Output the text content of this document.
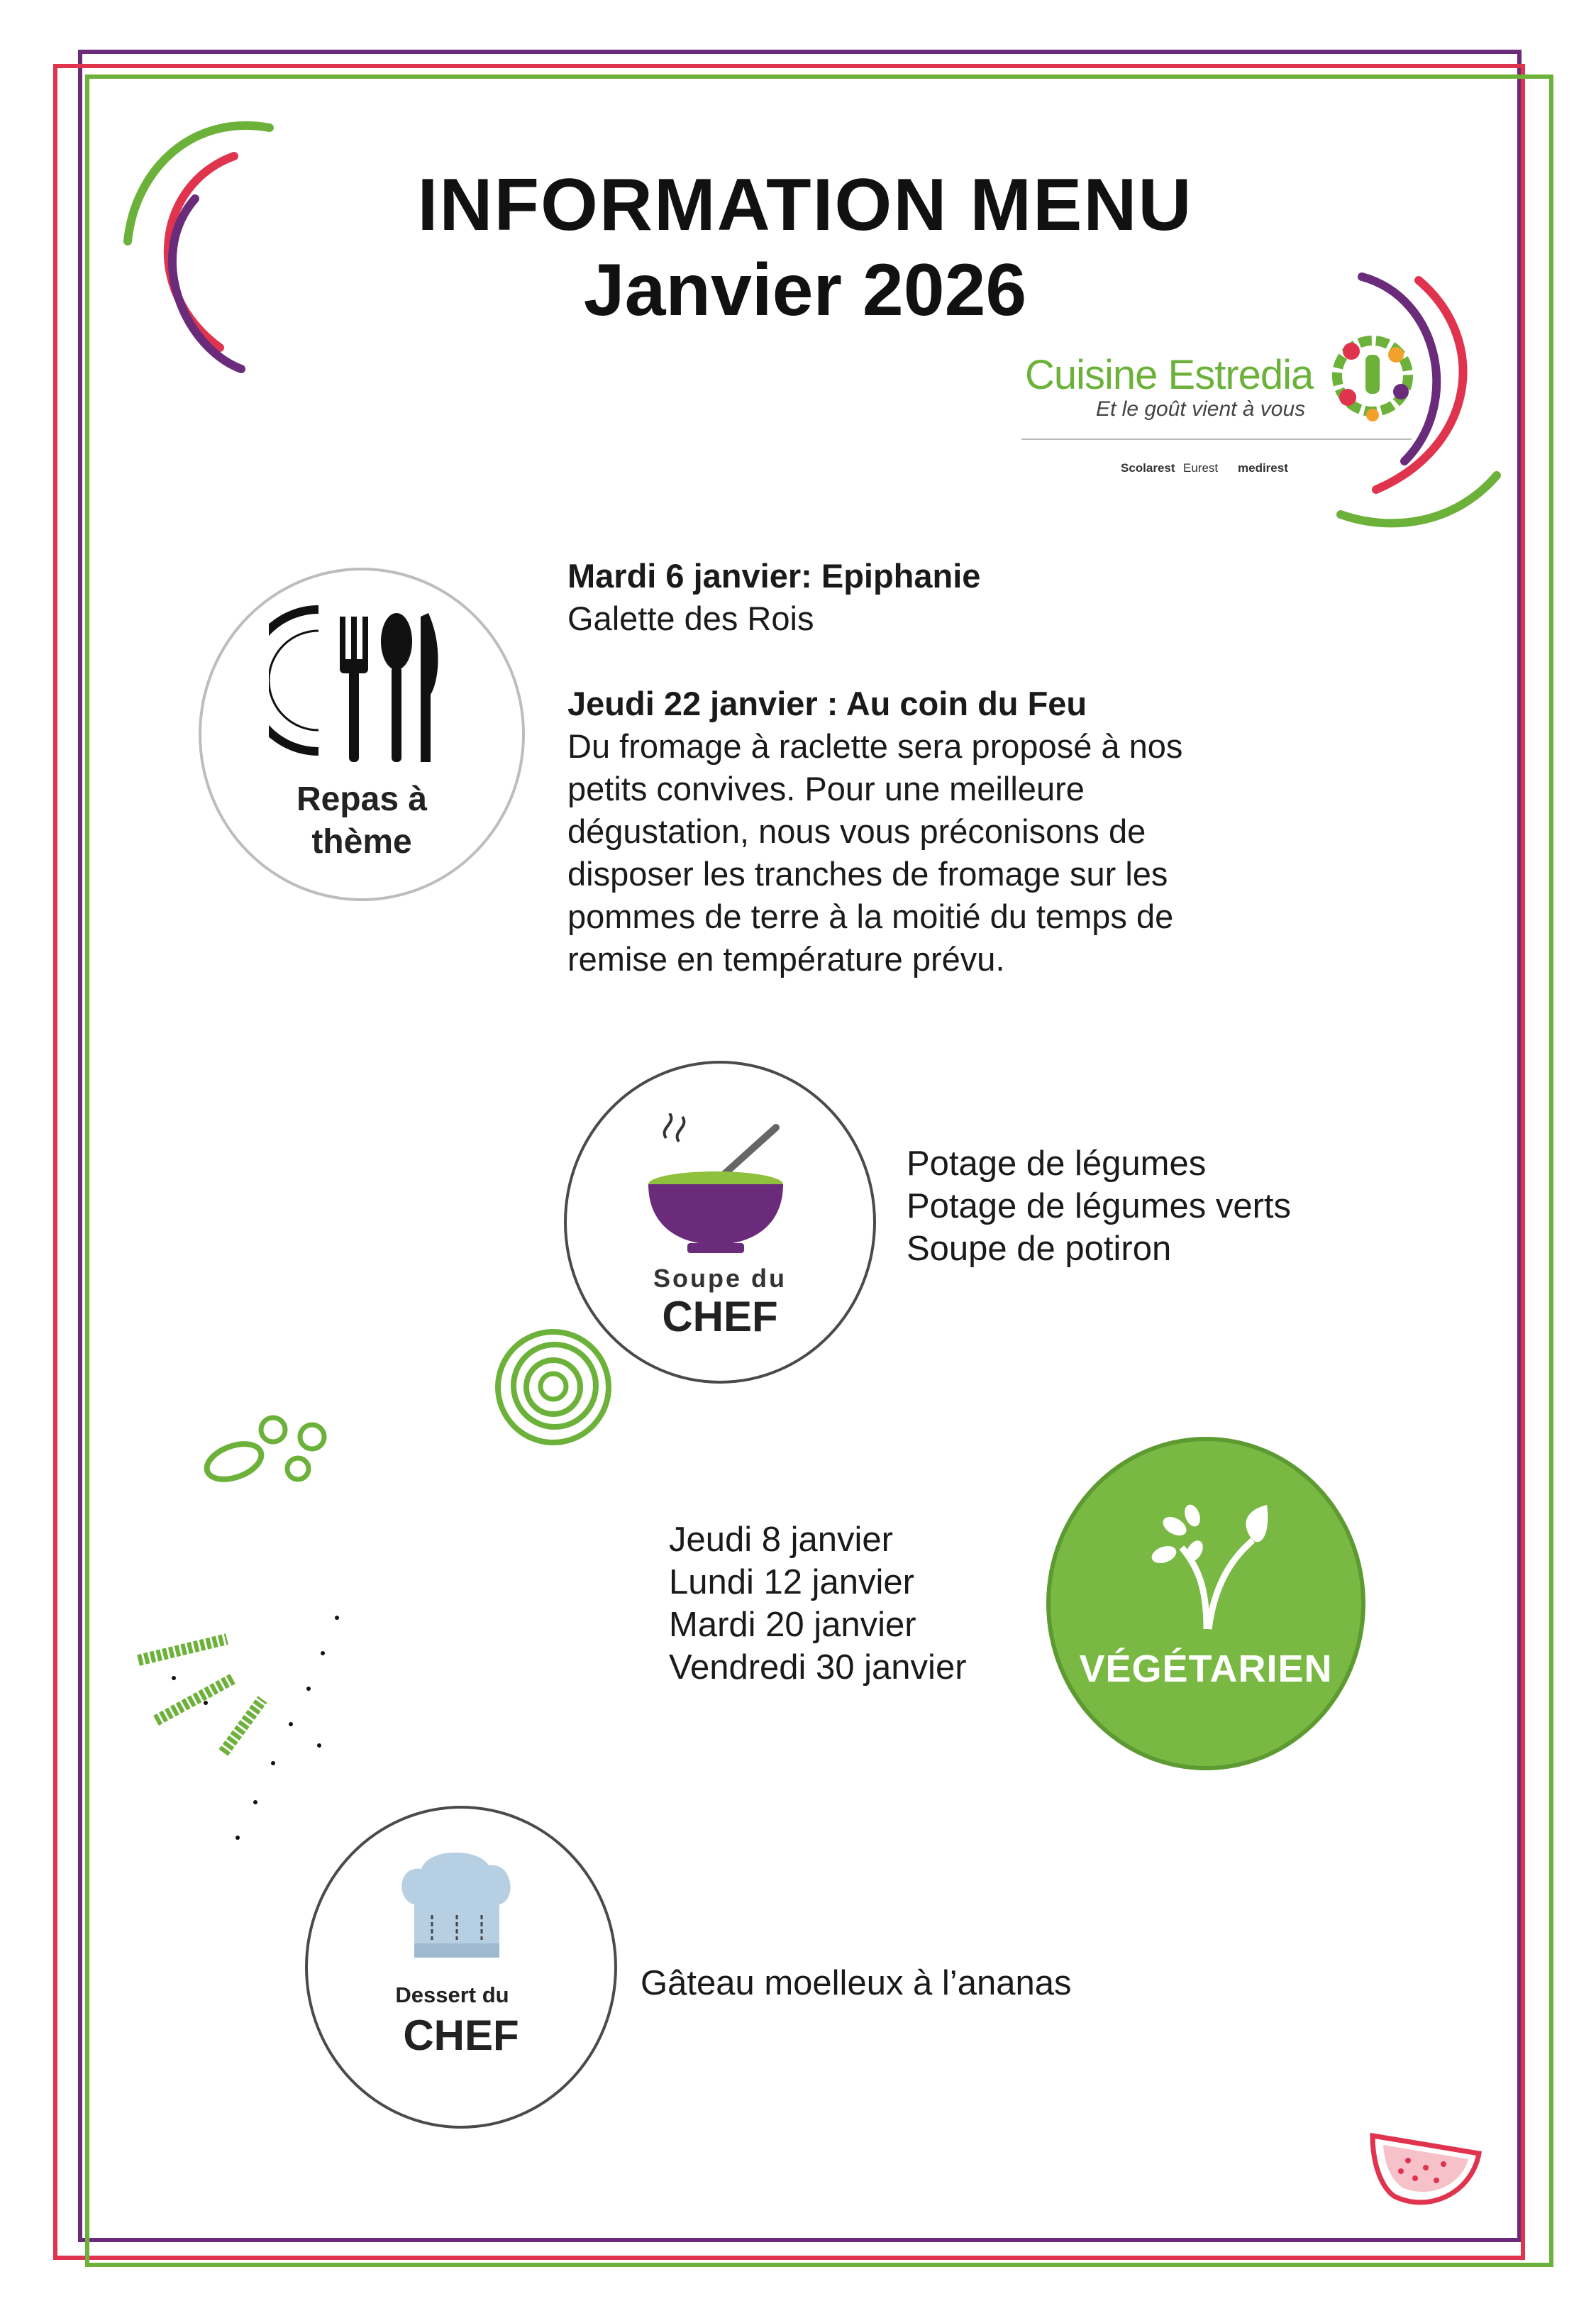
INFORMATION MENU
Janvier 2026
Cuisine Estredia
Et le goût vient à vous
Scolarest Eurest medirest
Repas à
thème
Mardi 6 janvier: Epiphanie
Galette des Rois
Jeudi 22 janvier : Au coin du Feu
Du fromage à raclette sera proposé à nos
petits convives. Pour une meilleure
dégustation, nous vous préconisons de
disposer les tranches de fromage sur les
pommes de terre à la moitié du temps de
remise en température prévu.
Soupe du
CHEF
Potage de légumes
Potage de légumes verts
Soupe de potiron
Jeudi 8 janvier
Lundi 12 janvier
Mardi 20 janvier
Vendredi 30 janvier	VÉGÉTARIEN
Dessert du
CHEF
Gâteau moelleux à l’ananas
